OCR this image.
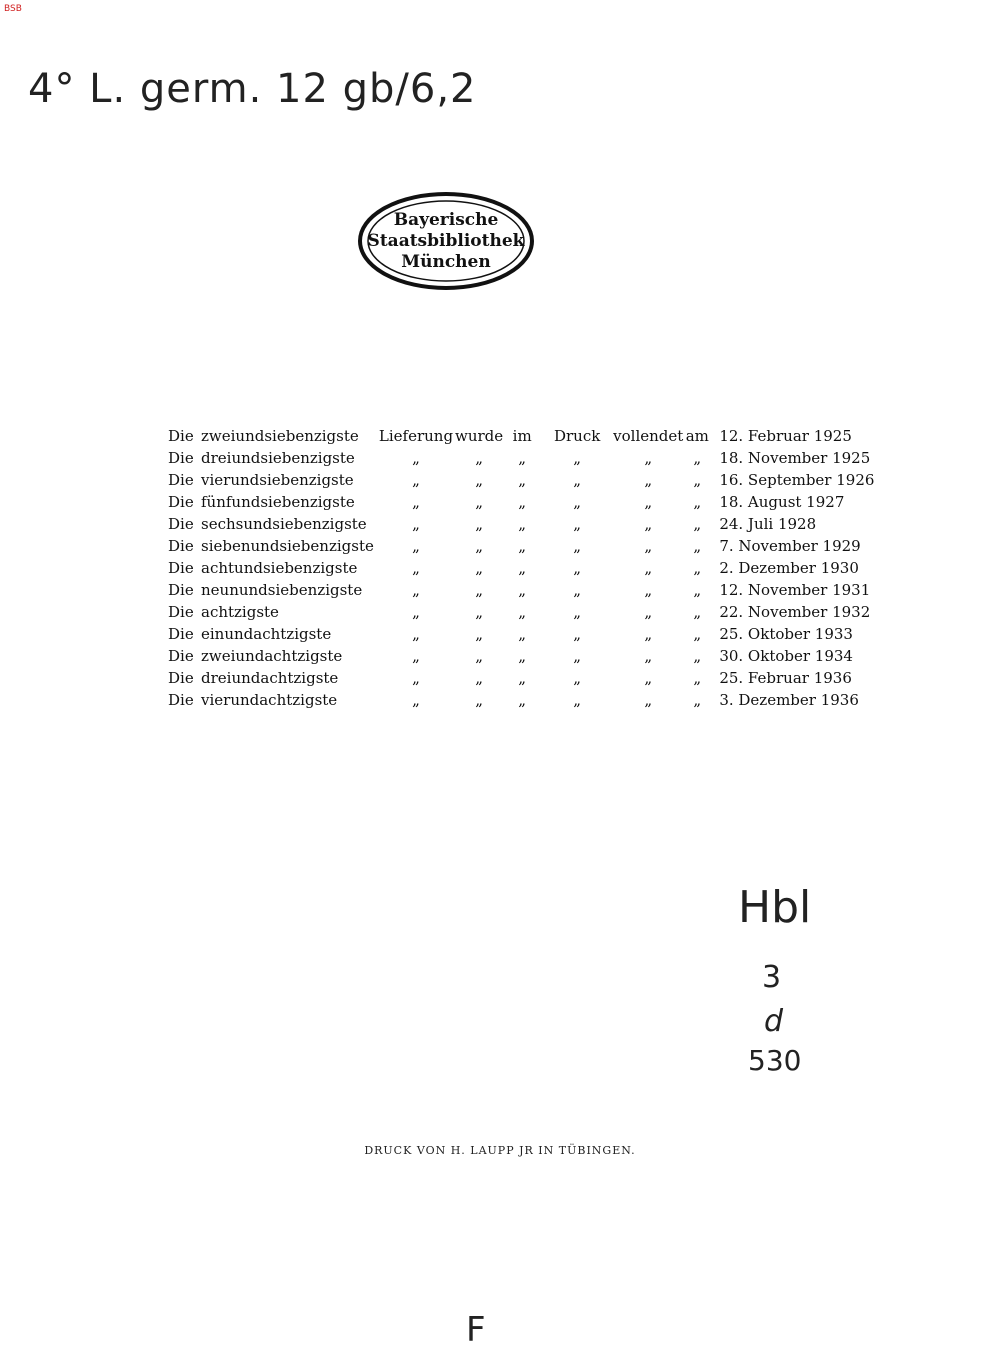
BSB
4° L. germ. 12 gb/6,2
Bayerische
Staatsbibliothek
München
Die	zweiundsiebenzigste	Lieferung	wurde	im	Druck	vollendet	am	12. Februar 1925
Die	dreiundsiebenzigste	„	„	„	„	„	„	18. November 1925
Die	vierundsiebenzigste	„	„	„	„	„	„	16. September 1926
Die	fünfundsiebenzigste	„	„	„	„	„	„	18. August 1927
Die	sechsundsiebenzigste	„	„	„	„	„	„	24. Juli 1928
Die	siebenundsiebenzigste	„	„	„	„	„	„	7. November 1929
Die	achtundsiebenzigste	„	„	„	„	„	„	2. Dezember 1930
Die	neunundsiebenzigste	„	„	„	„	„	„	12. November 1931
Die	achtzigste	„	„	„	„	„	„	22. November 1932
Die	einundachtzigste	„	„	„	„	„	„	25. Oktober 1933
Die	zweiundachtzigste	„	„	„	„	„	„	30. Oktober 1934
Die	dreiundachtzigste	„	„	„	„	„	„	25. Februar 1936
Die	vierundachtzigste	„	„	„	„	„	„	3. Dezember 1936
Hbl
3
d
530
DRUCK VON H. LAUPP JR IN TÜBINGEN.
F
